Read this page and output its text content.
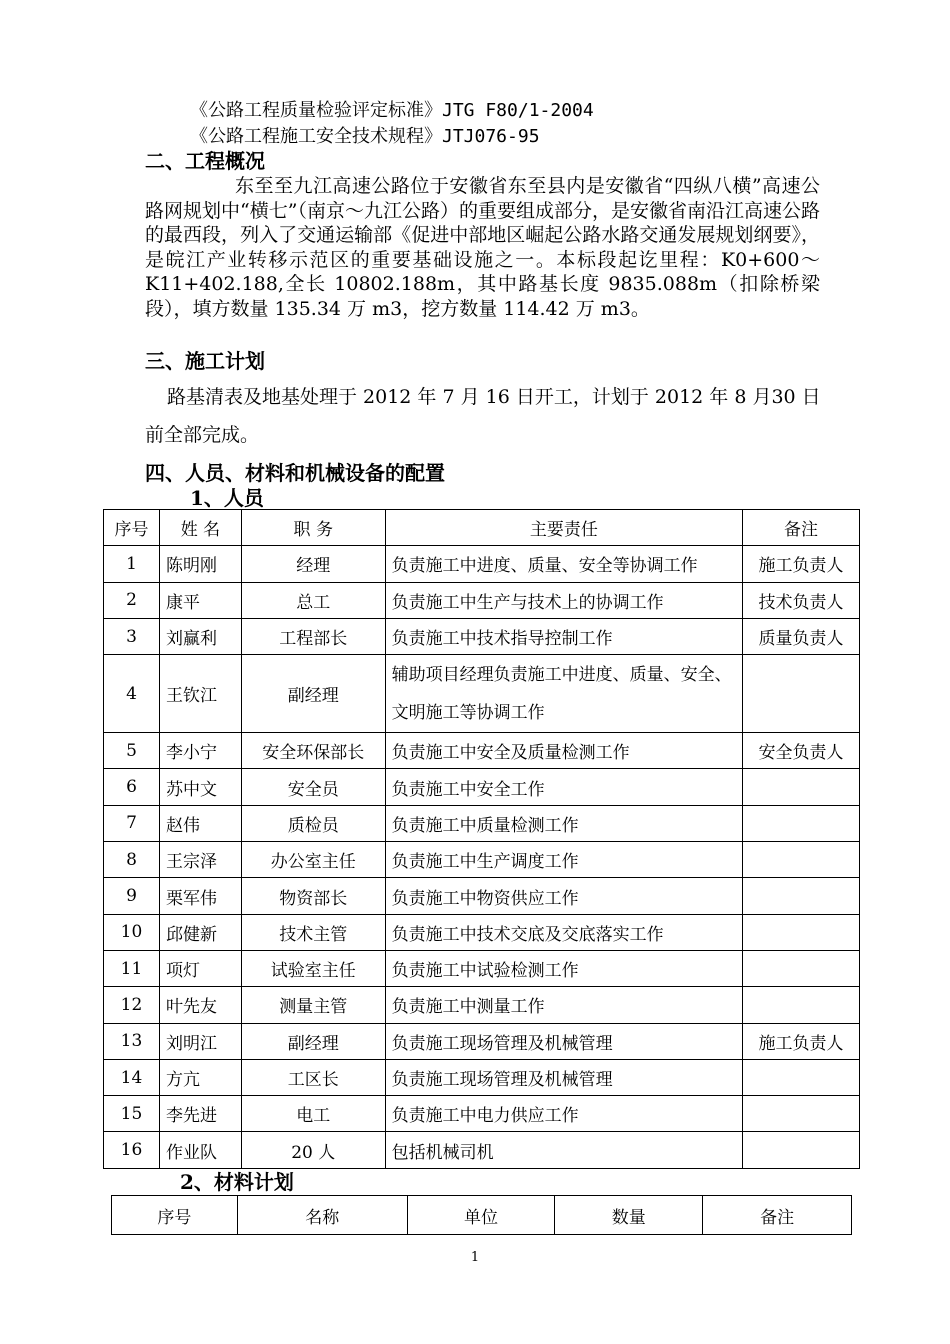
《公路工程质量检验评定标准》JTG F80/1-2004
《公路工程施工安全技术规程》JTJ076-95
二、工程概况
东至至九江高速公路位于安徽省东至县内是安徽省“四纵八横”高速公路网规划中“横七”（南京～九江公路）的重要组成部分，是安徽省南沿江高速公路的最西段，列入了交通运输部《促进中部地区崛起公路水路交通发展规划纲要》，是皖江产业转移示范区的重要基础设施之一。本标段起讫里程：K0+600～K11+402.188,全长 10802.188m，其中路基长度 9835.088m（扣除桥梁段），填方数量 135.34 万 m3，挖方数量 114.42 万 m3。
三、施工计划
路基清表及地基处理于 2012 年 7 月 16 日开工，计划于 2012 年 8 月30 日前全部完成。
四、人员、材料和机械设备的配置
1、人员
序号	姓 名	职 务	主要责任	备注
1	陈明刚	经理	负责施工中进度、质量、安全等协调工作	施工负责人
2	康平	总工	负责施工中生产与技术上的协调工作	技术负责人
3	刘赢利	工程部长	负责施工中技术指导控制工作	质量负责人
4	王钦江	副经理	辅助项目经理负责施工中进度、质量、安全、文明施工等协调工作	
5	李小宁	安全环保部长	负责施工中安全及质量检测工作	安全负责人
6	苏中文	安全员	负责施工中安全工作	
7	赵伟	质检员	负责施工中质量检测工作	
8	王宗泽	办公室主任	负责施工中生产调度工作	
9	栗军伟	物资部长	负责施工中物资供应工作	
10	邱健新	技术主管	负责施工中技术交底及交底落实工作	
11	项灯	试验室主任	负责施工中试验检测工作	
12	叶先友	测量主管	负责施工中测量工作	
13	刘明江	副经理	负责施工现场管理及机械管理	施工负责人
14	方亢	工区长	负责施工现场管理及机械管理	
15	李先进	电工	负责施工中电力供应工作	
16	作业队	20 人	包括机械司机	
2、材料计划
序号	名称	单位	数量	备注
1
